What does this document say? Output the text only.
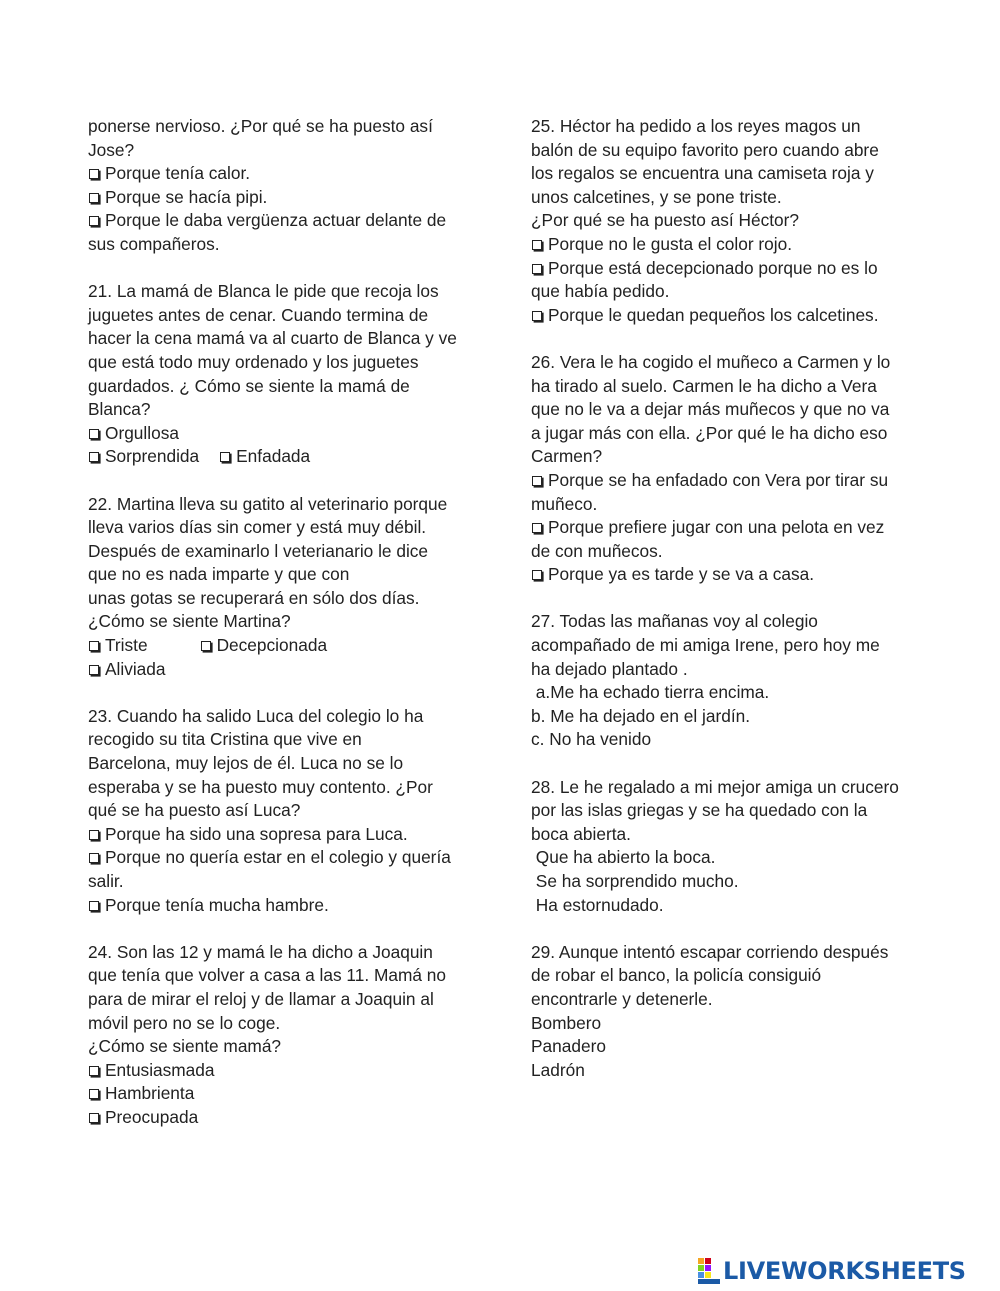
ponerse nervioso. ¿Por qué se ha puesto así
Jose?
Porque tenía calor.
Porque se hacía pipi.
Porque le daba vergüenza actuar delante de
sus compañeros.
21. La mamá de Blanca le pide que recoja los
juguetes antes de cenar. Cuando termina de
hacer la cena mamá va al cuarto de Blanca y ve
que está todo muy ordenado y los juguetes
guardados. ¿ Cómo se siente la mamá de
Blanca?
Orgullosa
Sorprendida Enfadada
22. Martina lleva su gatito al veterinario porque
lleva varios días sin comer y está muy débil.
Después de examinarlo l veterianario le dice
que no es nada imparte y que con
unas gotas se recuperará en sólo dos días.
¿Cómo se siente Martina?
Triste	Decepcionada
Aliviada
23. Cuando ha salido Luca del colegio lo ha
recogido su tita Cristina que vive en
Barcelona, muy lejos de él. Luca no se lo
esperaba y se ha puesto muy contento. ¿Por
qué se ha puesto así Luca?
Porque ha sido una sopresa para Luca.
Porque no quería estar en el colegio y quería
salir.
Porque tenía mucha hambre.
24. Son las 12 y mamá le ha dicho a Joaquin
que tenía que volver a casa a las 11. Mamá no
para de mirar el reloj y de llamar a Joaquin al
móvil pero no se lo coge.
¿Cómo se siente mamá?
Entusiasmada
Hambrienta
Preocupada
25. Héctor ha pedido a los reyes magos un
balón de su equipo favorito pero cuando abre
los regalos se encuentra una camiseta roja y
unos calcetines, y se pone triste.
¿Por qué se ha puesto así Héctor?
Porque no le gusta el color rojo.
Porque está decepcionado porque no es lo
que había pedido.
Porque le quedan pequeños los calcetines.
26. Vera le ha cogido el muñeco a Carmen y lo
ha tirado al suelo. Carmen le ha dicho a Vera
que no le va a dejar más muñecos y que no va
a jugar más con ella. ¿Por qué le ha dicho eso
Carmen?
Porque se ha enfadado con Vera por tirar su
muñeco.
Porque prefiere jugar con una pelota en vez
de con muñecos.
Porque ya es tarde y se va a casa.
27. Todas las mañanas voy al colegio
acompañado de mi amiga Irene, pero hoy me
ha dejado plantado .
a.Me ha echado tierra encima.
b. Me ha dejado en el jardín.
c. No ha venido
28. Le he regalado a mi mejor amiga un crucero
por las islas griegas y se ha quedado con la
boca abierta.
Que ha abierto la boca.
Se ha sorprendido mucho.
Ha estornudado.
29. Aunque intentó escapar corriendo después
de robar el banco, la policía consiguió
encontrarle y detenerle.
Bombero
Panadero
Ladrón
LIVEWORKSHEETS
